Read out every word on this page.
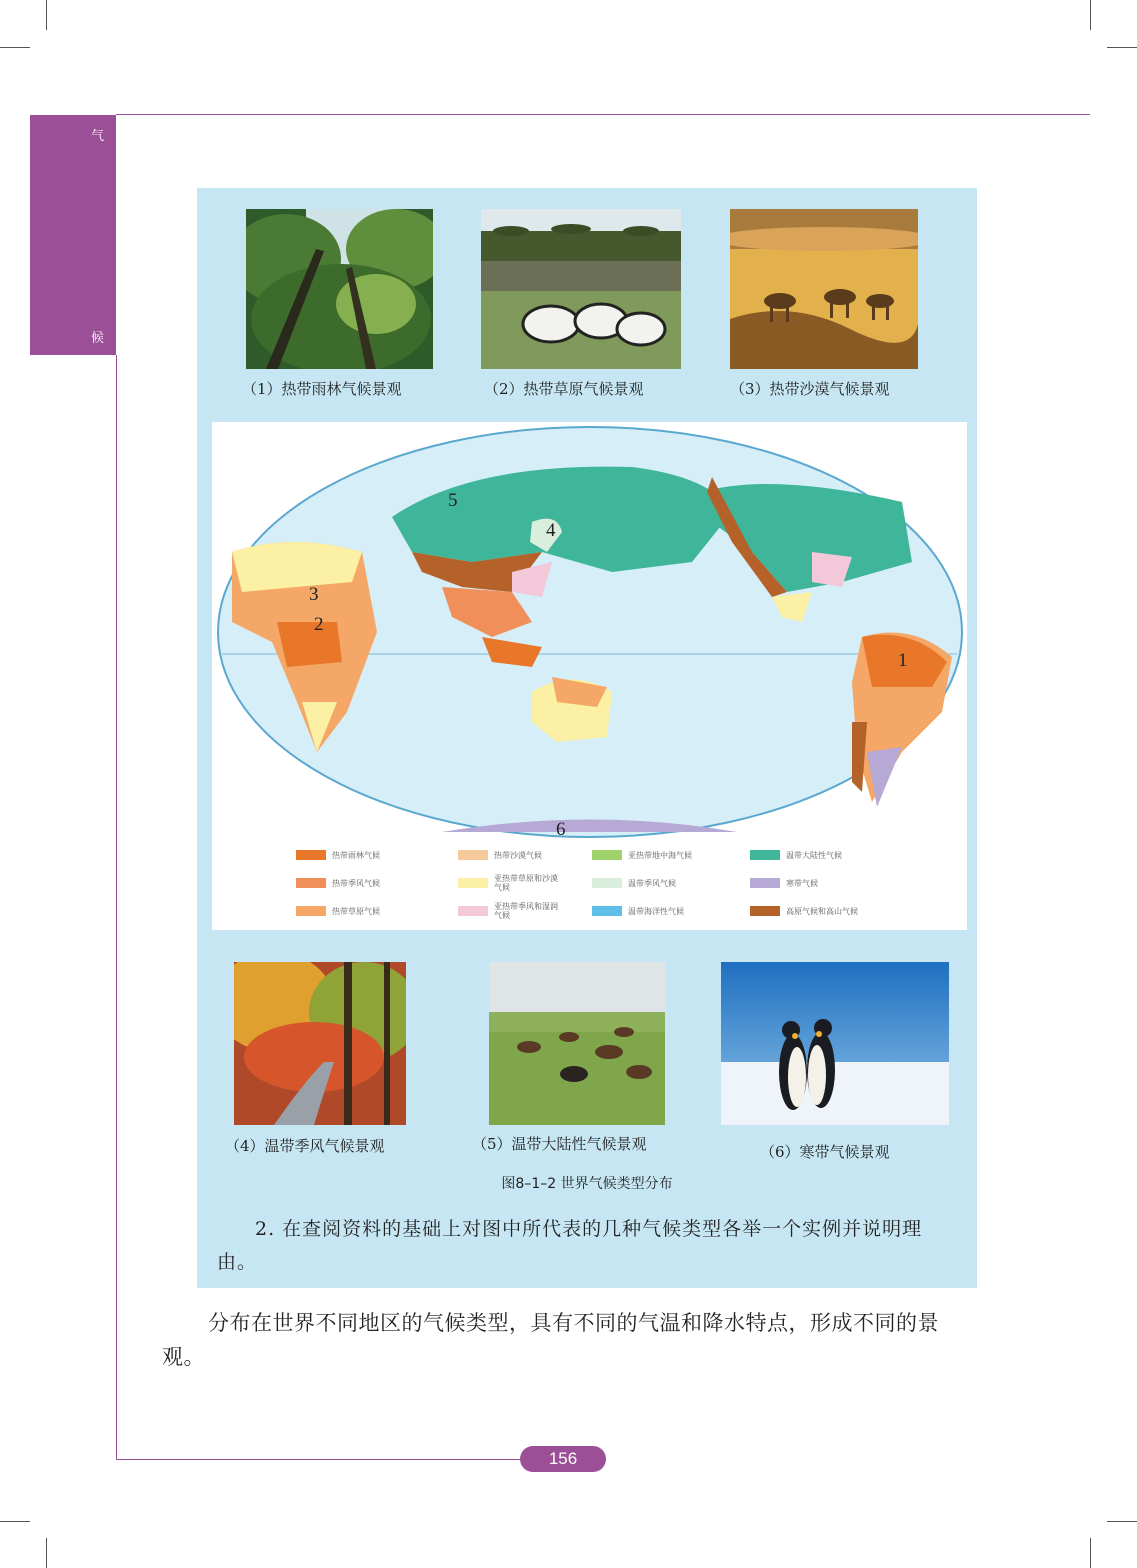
气
候
（1）热带雨林气候景观	（2）热带草原气候景观	（3）热带沙漠气候景观
5
4
3
2
1
6
热带雨林气候
热带季风气候
热带草原气候
热带沙漠气候
亚热带草原和沙漠气候
亚热带季风和湿润气候
亚热带地中海气候
温带季风气候
温带海洋性气候
温带大陆性气候
寒带气候
高原气候和高山气候
（4）温带季风气候景观	（5）温带大陆性气候景观	（6）寒带气候景观
图8–1–2 世界气候类型分布
2. 在查阅资料的基础上对图中所代表的几种气候类型各举一个实例并说明理由。
分布在世界不同地区的气候类型，具有不同的气温和降水特点，形成不同的景观。
156
